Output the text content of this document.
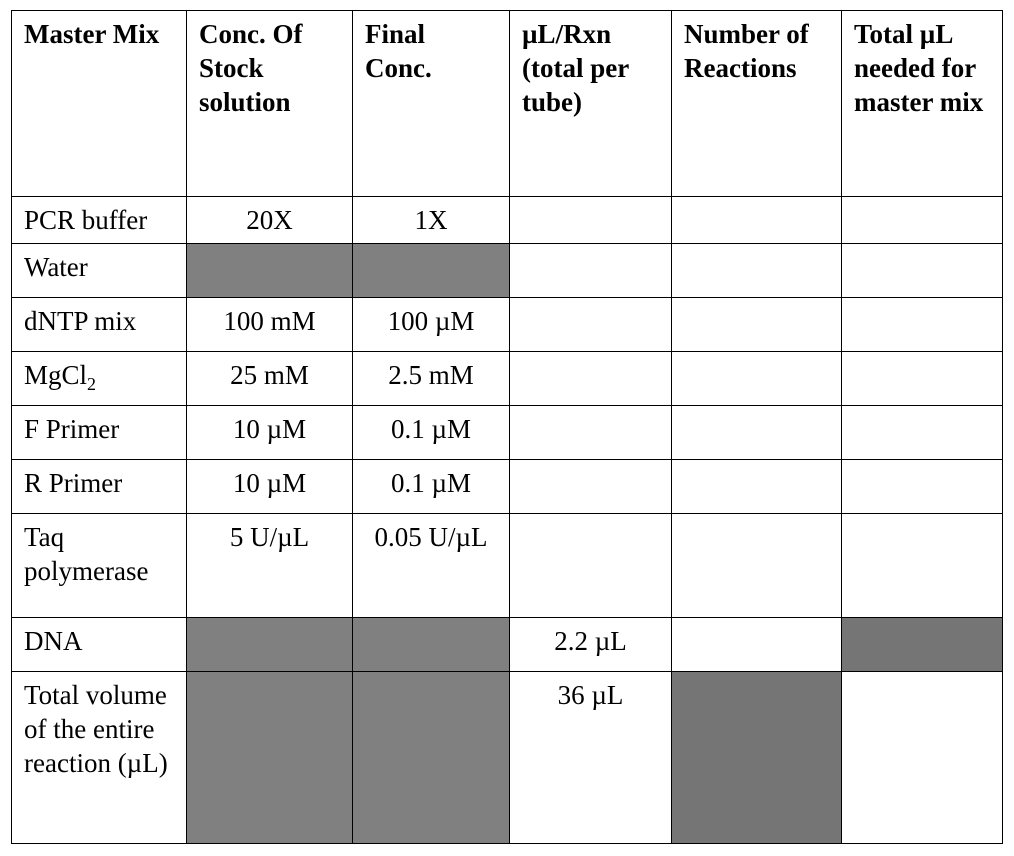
Master Mix	Conc. Of Stock solution	Final Conc.	µL/Rxn (total per tube)	Number of Reactions	Total µL needed for master mix
PCR buffer	20X	1X			
Water					
dNTP mix	100 mM	100 µM			
MgCl$_2$	25 mM	2.5 mM			
F Primer	10 µM	0.1 µM			
R Primer	10 µM	0.1 µM			
Taq polymerase	5 U/µL	0.05 U/µL			
DNA			2.2 µL		
Total volume of the entire reaction (µL)			36 µL		
